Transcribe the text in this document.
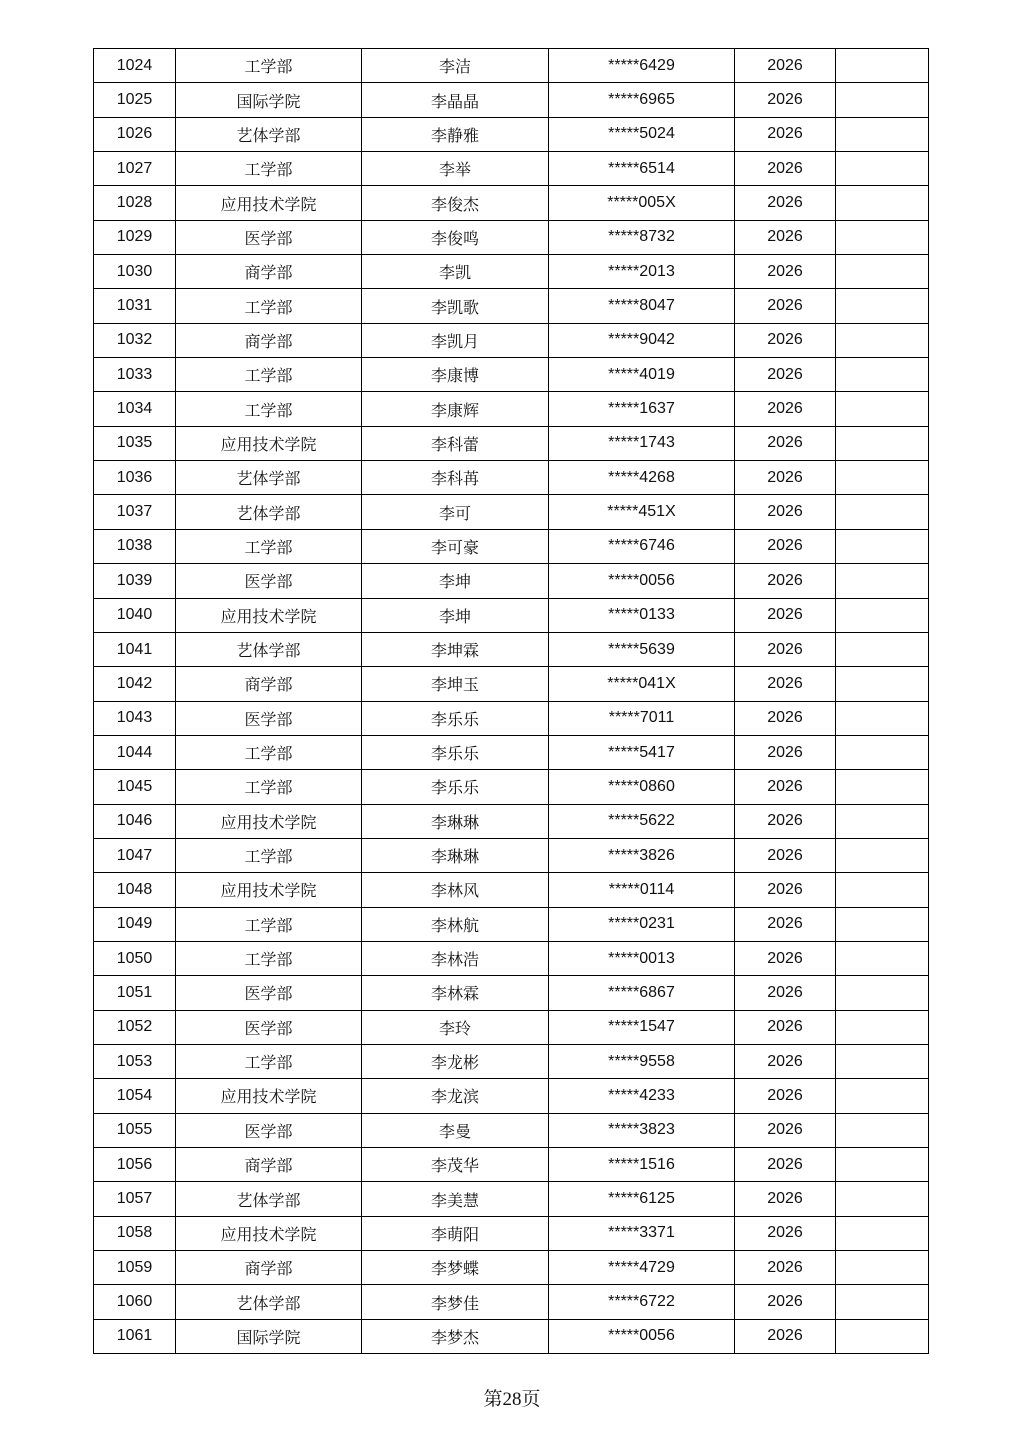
1024	工学部	李洁	*****6429	2026	
1025	国际学院	李晶晶	*****6965	2026	
1026	艺体学部	李静雅	*****5024	2026	
1027	工学部	李举	*****6514	2026	
1028	应用技术学院	李俊杰	*****005X	2026	
1029	医学部	李俊鸣	*****8732	2026	
1030	商学部	李凯	*****2013	2026	
1031	工学部	李凯歌	*****8047	2026	
1032	商学部	李凯月	*****9042	2026	
1033	工学部	李康博	*****4019	2026	
1034	工学部	李康辉	*****1637	2026	
1035	应用技术学院	李科蕾	*****1743	2026	
1036	艺体学部	李科苒	*****4268	2026	
1037	艺体学部	李可	*****451X	2026	
1038	工学部	李可豪	*****6746	2026	
1039	医学部	李坤	*****0056	2026	
1040	应用技术学院	李坤	*****0133	2026	
1041	艺体学部	李坤霖	*****5639	2026	
1042	商学部	李坤玉	*****041X	2026	
1043	医学部	李乐乐	*****7011	2026	
1044	工学部	李乐乐	*****5417	2026	
1045	工学部	李乐乐	*****0860	2026	
1046	应用技术学院	李琳琳	*****5622	2026	
1047	工学部	李琳琳	*****3826	2026	
1048	应用技术学院	李林风	*****0114	2026	
1049	工学部	李林航	*****0231	2026	
1050	工学部	李林浩	*****0013	2026	
1051	医学部	李林霖	*****6867	2026	
1052	医学部	李玲	*****1547	2026	
1053	工学部	李龙彬	*****9558	2026	
1054	应用技术学院	李龙滨	*****4233	2026	
1055	医学部	李曼	*****3823	2026	
1056	商学部	李茂华	*****1516	2026	
1057	艺体学部	李美慧	*****6125	2026	
1058	应用技术学院	李萌阳	*****3371	2026	
1059	商学部	李梦蝶	*****4729	2026	
1060	艺体学部	李梦佳	*****6722	2026	
1061	国际学院	李梦杰	*****0056	2026	
第28页
